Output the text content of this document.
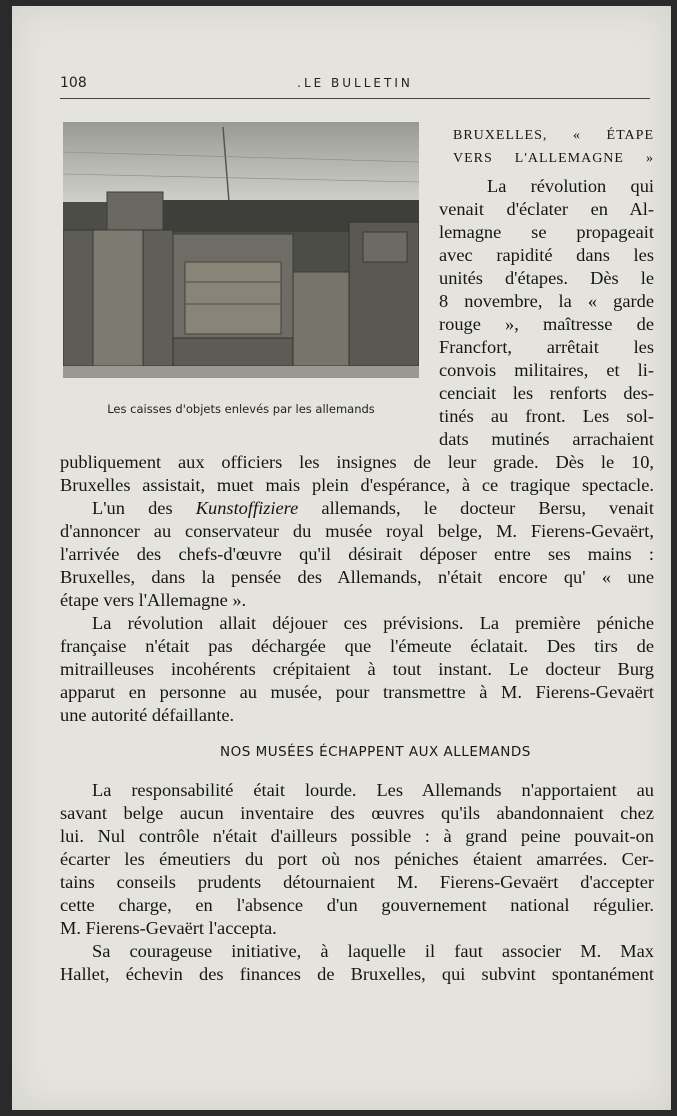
108	.LE BULLETIN
Les caisses d'objets enlevés par les allemands

BRUXELLES, « ÉTAPE

VERS L'ALLEMAGNE »

La révolution qui

venait d'éclater en Al-

lemagne se propageait

avec rapidité dans les

unités d'étapes. Dès le

8 novembre, la « garde

rouge », maîtresse de

Francfort, arrêtait les

convois militaires, et li-

cenciait les renforts des-

tinés au front. Les sol-

dats mutinés arrachaient

publiquement aux officiers les insignes de leur grade. Dès le 10,

Bruxelles assistait, muet mais plein d'espérance, à ce tragique spectacle.

L'un des Kunstoffiziere allemands, le docteur Bersu, venait

d'annoncer au conservateur du musée royal belge, M. Fierens-Gevaërt,

l'arrivée des chefs-d'œuvre qu'il désirait déposer entre ses mains :

Bruxelles, dans la pensée des Allemands, n'était encore qu' « une

étape vers l'Allemagne ».

La révolution allait déjouer ces prévisions. La première péniche

française n'était pas déchargée que l'émeute éclatait. Des tirs de

mitrailleuses incohérents crépitaient à tout instant. Le docteur Burg

apparut en personne au musée, pour transmettre à M. Fierens-Gevaërt

une autorité défaillante.

NOS MUSÉES ÉCHAPPENT AUX ALLEMANDS

La responsabilité était lourde. Les Allemands n'apportaient au

savant belge aucun inventaire des œuvres qu'ils abandonnaient chez

lui. Nul contrôle n'était d'ailleurs possible : à grand peine pouvait-on

écarter les émeutiers du port où nos péniches étaient amarrées. Cer-

tains conseils prudents détournaient M. Fierens-Gevaërt d'accepter

cette charge, en l'absence d'un gouvernement national régulier.

M. Fierens-Gevaërt l'accepta.

Sa courageuse initiative, à laquelle il faut associer M. Max

Hallet, échevin des finances de Bruxelles, qui subvint spontanément
